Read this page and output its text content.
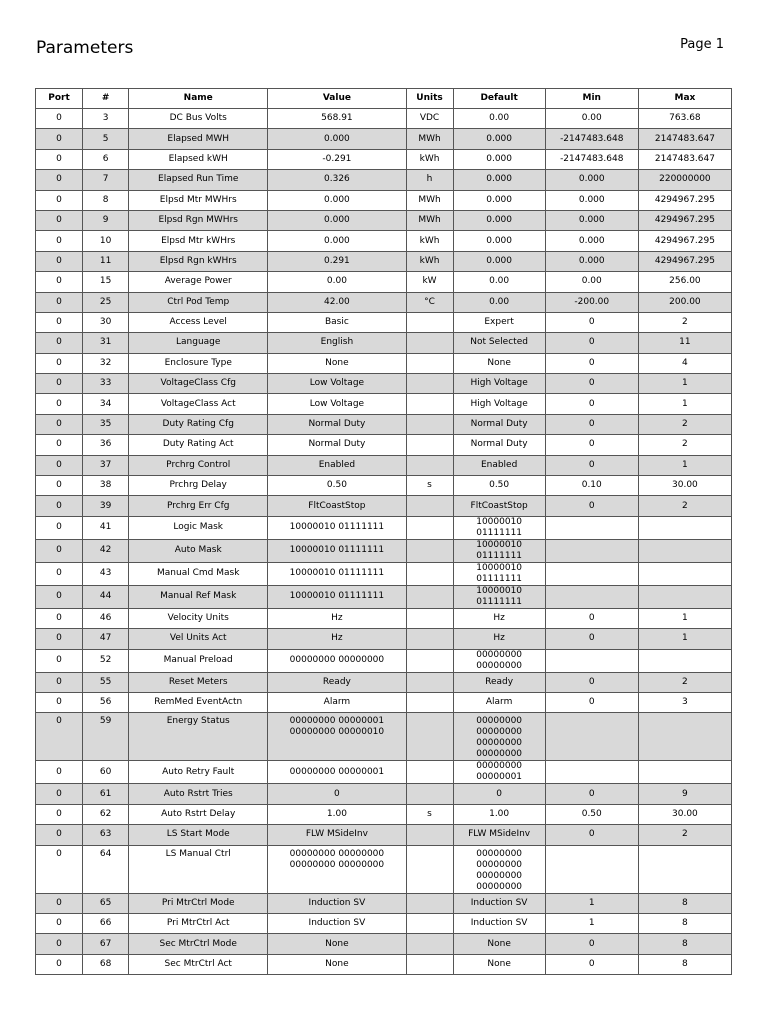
Parameters	Page 1
Port	#	Name	Value	Units	Default	Min	Max
0	3	DC Bus Volts	568.91	VDC	0.00	0.00	763.68
0	5	Elapsed MWH	0.000	MWh	0.000	-2147483.648	2147483.647
0	6	Elapsed kWH	-0.291	kWh	0.000	-2147483.648	2147483.647
0	7	Elapsed Run Time	0.326	h	0.000	0.000	220000000
0	8	Elpsd Mtr MWHrs	0.000	MWh	0.000	0.000	4294967.295
0	9	Elpsd Rgn MWHrs	0.000	MWh	0.000	0.000	4294967.295
0	10	Elpsd Mtr kWHrs	0.000	kWh	0.000	0.000	4294967.295
0	11	Elpsd Rgn kWHrs	0.291	kWh	0.000	0.000	4294967.295
0	15	Average Power	0.00	kW	0.00	0.00	256.00
0	25	Ctrl Pod Temp	42.00	°C	0.00	-200.00	200.00
0	30	Access Level	Basic		Expert	0	2
0	31	Language	English		Not Selected	0	11
0	32	Enclosure Type	None		None	0	4
0	33	VoltageClass Cfg	Low Voltage		High Voltage	0	1
0	34	VoltageClass Act	Low Voltage		High Voltage	0	1
0	35	Duty Rating Cfg	Normal Duty		Normal Duty	0	2
0	36	Duty Rating Act	Normal Duty		Normal Duty	0	2
0	37	Prchrg Control	Enabled		Enabled	0	1
0	38	Prchrg Delay	0.50	s	0.50	0.10	30.00
0	39	Prchrg Err Cfg	FltCoastStop		FltCoastStop	0	2
0	41	Logic Mask	10000010 01111111		10000010 01111111		
0	42	Auto Mask	10000010 01111111		10000010 01111111		
0	43	Manual Cmd Mask	10000010 01111111		10000010 01111111		
0	44	Manual Ref Mask	10000010 01111111		10000010 01111111		
0	46	Velocity Units	Hz		Hz	0	1
0	47	Vel Units Act	Hz		Hz	0	1
0	52	Manual Preload	00000000 00000000		00000000 00000000		
0	55	Reset Meters	Ready		Ready	0	2
0	56	RemMed EventActn	Alarm		Alarm	0	3
0	59	Energy Status	00000000 00000001 00000000 00000010		00000000 00000000 00000000 00000000		
0	60	Auto Retry Fault	00000000 00000001		00000000 00000001		
0	61	Auto Rstrt Tries	0		0	0	9
0	62	Auto Rstrt Delay	1.00	s	1.00	0.50	30.00
0	63	LS Start Mode	FLW MSideInv		FLW MSideInv	0	2
0	64	LS Manual Ctrl	00000000 00000000 00000000 00000000		00000000 00000000 00000000 00000000		
0	65	Pri MtrCtrl Mode	Induction SV		Induction SV	1	8
0	66	Pri MtrCtrl Act	Induction SV		Induction SV	1	8
0	67	Sec MtrCtrl Mode	None		None	0	8
0	68	Sec MtrCtrl Act	None		None	0	8
